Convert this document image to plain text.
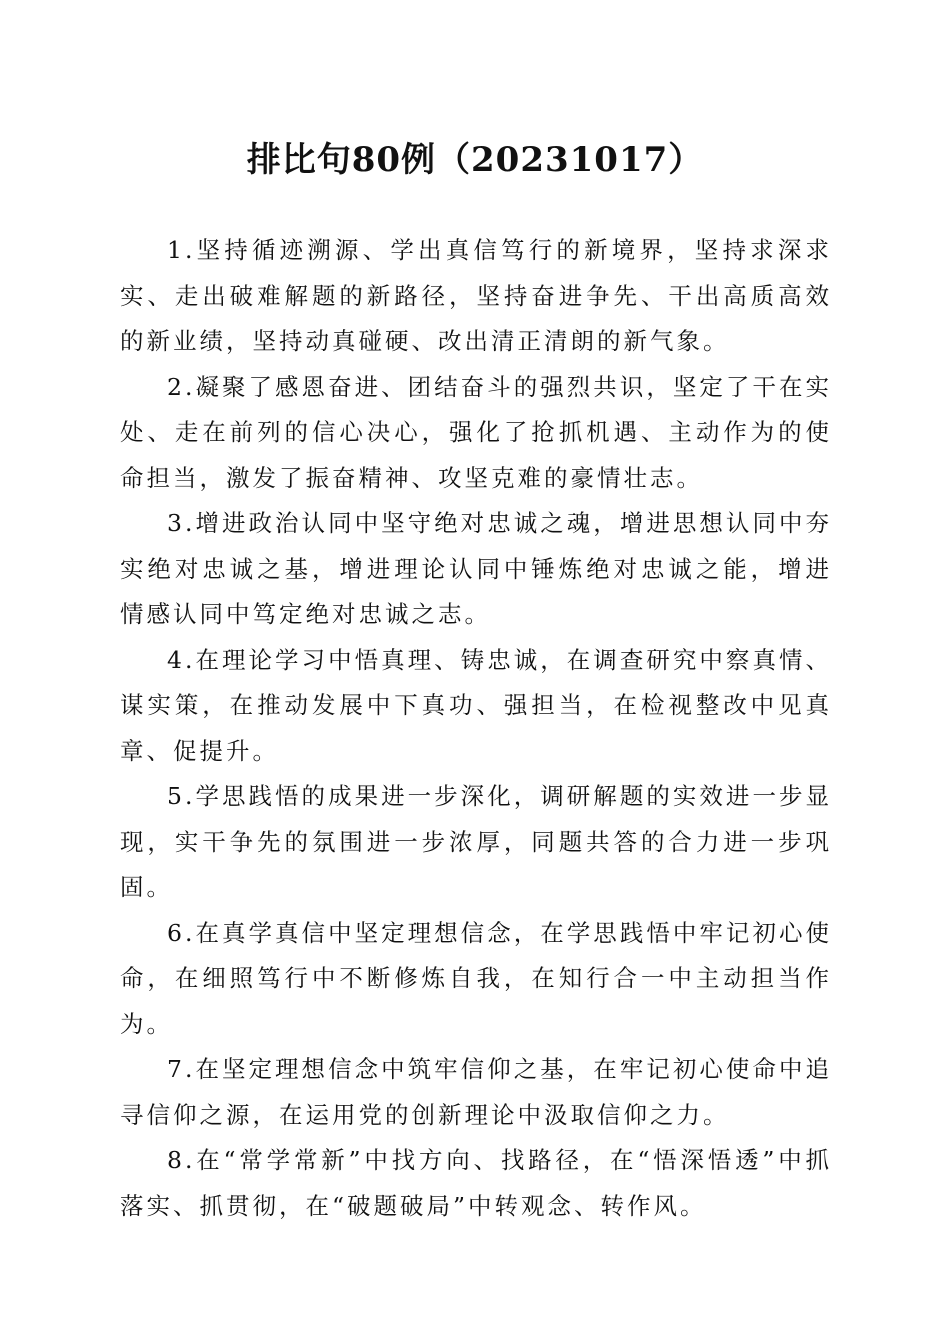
排比句80例（20231017）

1.坚持循迹溯源、学出真信笃行的新境界，坚持求深求实、走出破难解题的新路径，坚持奋进争先、干出高质高效的新业绩，坚持动真碰硬、改出清正清朗的新气象。

2.凝聚了感恩奋进、团结奋斗的强烈共识，坚定了干在实处、走在前列的信心决心，强化了抢抓机遇、主动作为的使命担当，激发了振奋精神、攻坚克难的豪情壮志。

3.增进政治认同中坚守绝对忠诚之魂，增进思想认同中夯实绝对忠诚之基，增进理论认同中锤炼绝对忠诚之能，增进情感认同中笃定绝对忠诚之志。

4.在理论学习中悟真理、铸忠诚，在调查研究中察真情、谋实策，在推动发展中下真功、强担当，在检视整改中见真章、促提升。

5.学思践悟的成果进一步深化，调研解题的实效进一步显现，实干争先的氛围进一步浓厚，同题共答的合力进一步巩固。

6.在真学真信中坚定理想信念，在学思践悟中牢记初心使命，在细照笃行中不断修炼自我，在知行合一中主动担当作为。

7.在坚定理想信念中筑牢信仰之基，在牢记初心使命中追寻信仰之源，在运用党的创新理论中汲取信仰之力。

8.在“常学常新”中找方向、找路径，在“悟深悟透”中抓落实、抓贯彻，在“破题破局”中转观念、转作风。
